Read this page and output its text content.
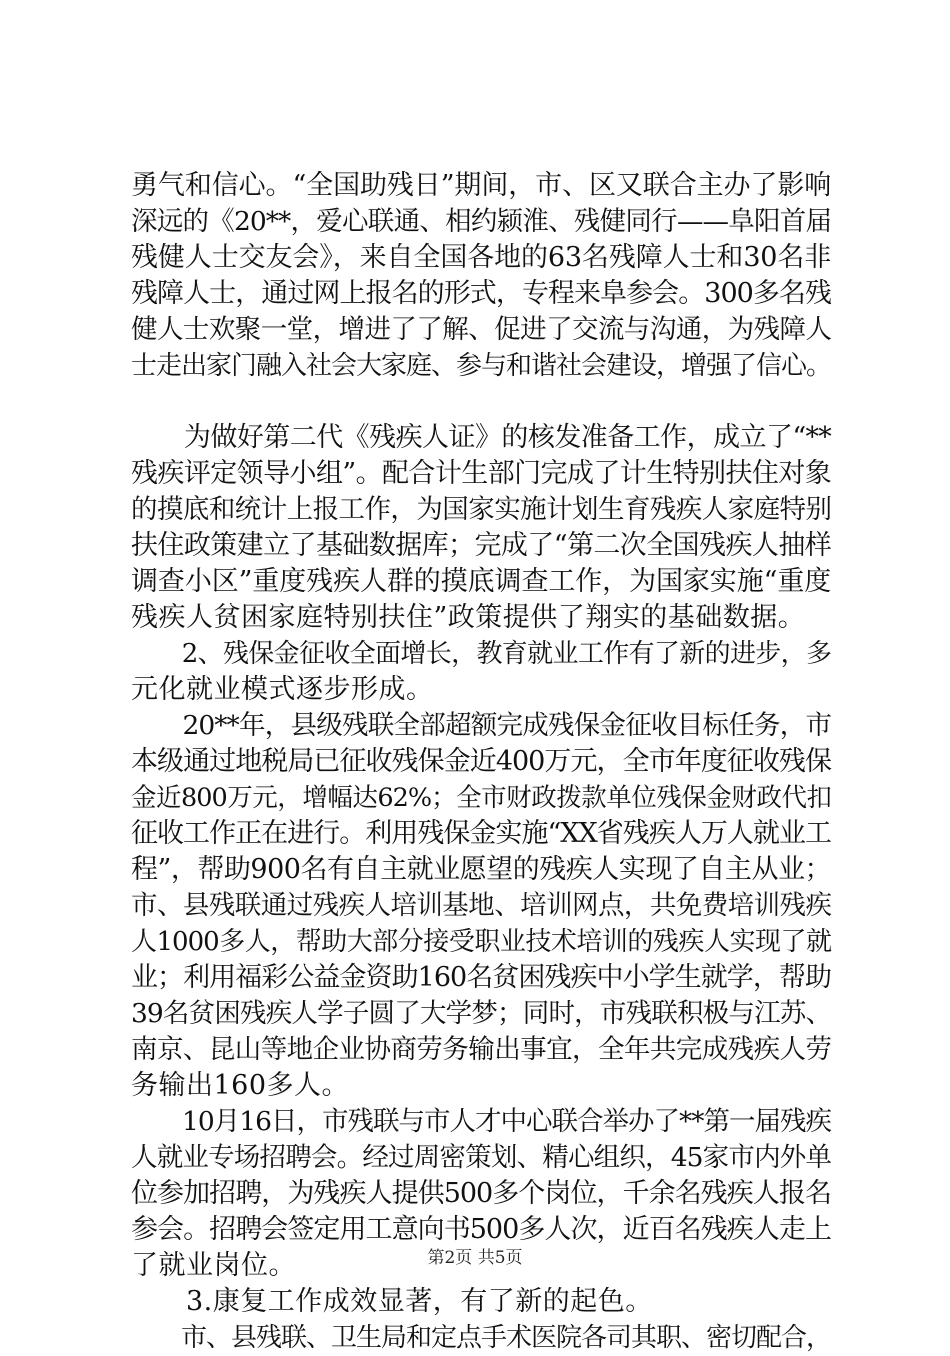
勇气和信心。“全国助残日”期间，市、区又联合主办了影响
深远的《20**，爱心联通、相约颍淮、残健同行——阜阳首届
残健人士交友会》，来自全国各地的63名残障人士和30名非
残障人士，通过网上报名的形式，专程来阜参会。300多名残
健人士欢聚一堂，增进了了解、促进了交流与沟通，为残障人
士走出家门融入社会大家庭、参与和谐社会建设，增强了信心。
　　为做好第二代《残疾人证》的核发准备工作，成立了“**
残疾评定领导小组”。配合计生部门完成了计生特别扶住对象
的摸底和统计上报工作，为国家实施计划生育残疾人家庭特别
扶住政策建立了基础数据库；完成了“第二次全国残疾人抽样
调查小区”重度残疾人群的摸底调查工作，为国家实施“重度
残疾人贫困家庭特别扶住”政策提供了翔实的基础数据。
　　2、残保金征收全面增长，教育就业工作有了新的进步，多
元化就业模式逐步形成。
　　20**年，县级残联全部超额完成残保金征收目标任务，市
本级通过地税局已征收残保金近400万元，全市年度征收残保
金近800万元，增幅达62%；全市财政拨款单位残保金财政代扣
征收工作正在进行。利用残保金实施“XX省残疾人万人就业工
程”，帮助900名有自主就业愿望的残疾人实现了自主从业；
市、县残联通过残疾人培训基地、培训网点，共免费培训残疾
人1000多人，帮助大部分接受职业技术培训的残疾人实现了就
业；利用福彩公益金资助160名贫困残疾中小学生就学，帮助
39名贫困残疾人学子圆了大学梦；同时，市残联积极与江苏、
南京、昆山等地企业协商劳务输出事宜，全年共完成残疾人劳
务输出160多人。
　　10月16日，市残联与市人才中心联合举办了**第一届残疾
人就业专场招聘会。经过周密策划、精心组织，45家市内外单
位参加招聘，为残疾人提供500多个岗位，千余名残疾人报名
参会。招聘会签定用工意向书500多人次，近百名残疾人走上
了就业岗位。
　　3.康复工作成效显著，有了新的起色。
　　市、县残联、卫生局和定点手术医院各司其职、密切配合，
第2页 共5页
